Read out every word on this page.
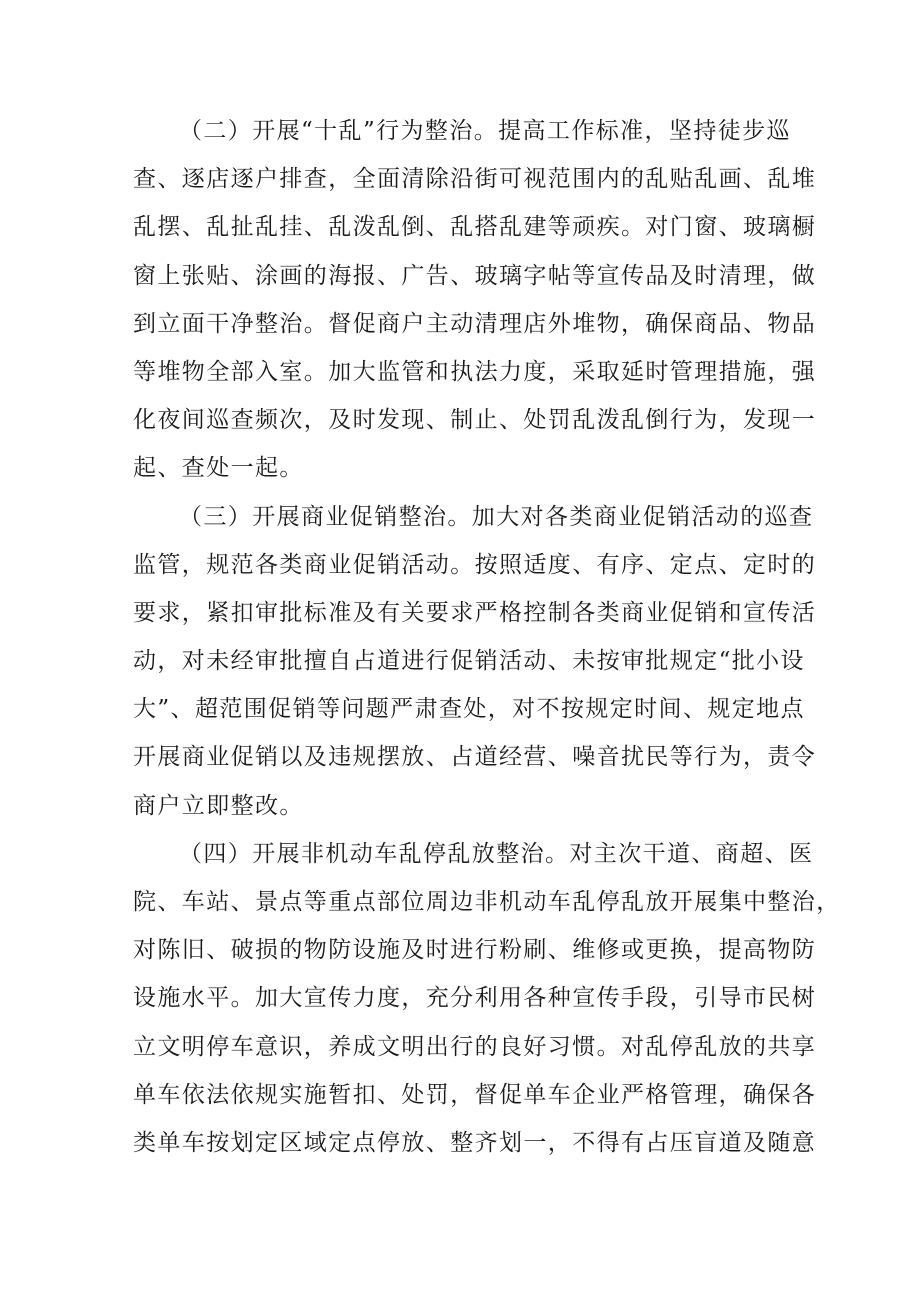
（二）开展“十乱”行为整治。提高工作标准，坚持徒步巡
查、逐店逐户排查，全面清除沿街可视范围内的乱贴乱画、乱堆
乱摆、乱扯乱挂、乱泼乱倒、乱搭乱建等顽疾。对门窗、玻璃橱
窗上张贴、涂画的海报、广告、玻璃字帖等宣传品及时清理，做
到立面干净整治。督促商户主动清理店外堆物，确保商品、物品
等堆物全部入室。加大监管和执法力度，采取延时管理措施，强
化夜间巡查频次，及时发现、制止、处罚乱泼乱倒行为，发现一
起、查处一起。

（三）开展商业促销整治。加大对各类商业促销活动的巡查
监管，规范各类商业促销活动。按照适度、有序、定点、定时的
要求，紧扣审批标准及有关要求严格控制各类商业促销和宣传活
动，对未经审批擅自占道进行促销活动、未按审批规定“批小设
大”、超范围促销等问题严肃查处，对不按规定时间、规定地点
开展商业促销以及违规摆放、占道经营、噪音扰民等行为，责令
商户立即整改。

（四）开展非机动车乱停乱放整治。对主次干道、商超、医
院、车站、景点等重点部位周边非机动车乱停乱放开展集中整治，
对陈旧、破损的物防设施及时进行粉刷、维修或更换，提高物防
设施水平。加大宣传力度，充分利用各种宣传手段，引导市民树
立文明停车意识，养成文明出行的良好习惯。对乱停乱放的共享
单车依法依规实施暂扣、处罚，督促单车企业严格管理，确保各
类单车按划定区域定点停放、整齐划一，不得有占压盲道及随意
